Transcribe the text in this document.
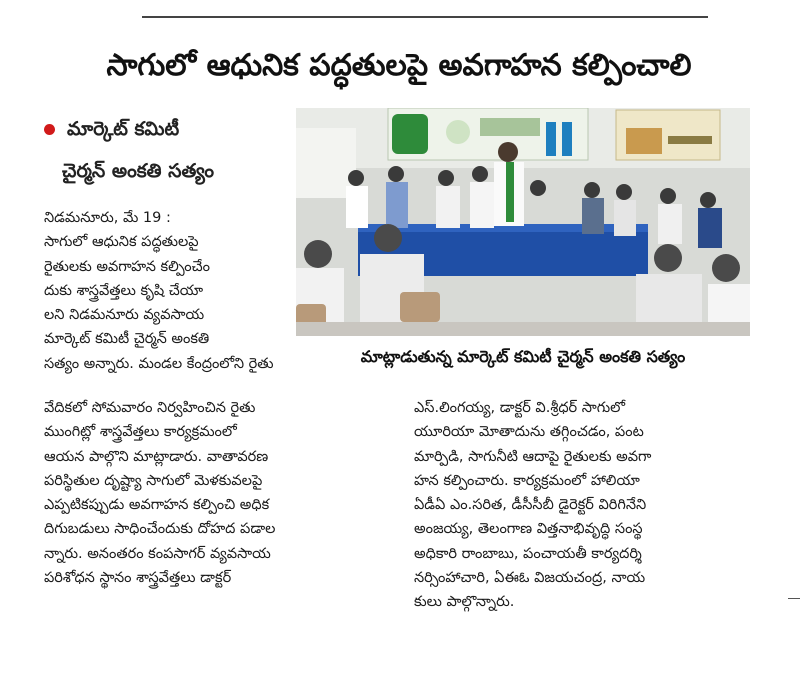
సాగులో ఆధునిక పద్ధతులపై అవగాహన కల్పించాలి
మార్కెట్ కమిటీ
చైర్మన్ అంకతి సత్యం
మాట్లాడుతున్న మార్కెట్ కమిటీ చైర్మన్ అంకతి సత్యం

నిడమనూరు, మే 19 :

సాగులో ఆధునిక పద్ధతులపై

రైతులకు అవగాహన కల్పించేం

దుకు శాస్త్రవేత్తలు కృషి చేయా

లని నిడమనూరు వ్యవసాయ

మార్కెట్ కమిటీ చైర్మన్ అంకతి

సత్యం అన్నారు. మండల కేంద్రంలోని రైతు

వేదికలో సోమవారం నిర్వహించిన రైతు

ముంగిట్లో శాస్త్రవేత్తలు కార్యక్రమంలో

ఆయన పాల్గొని మాట్లాడారు. వాతావరణ

పరిస్థితుల దృష్ట్యా సాగులో మెళకువలపై

ఎప్పటికప్పుడు అవగాహన కల్పించి అధిక

దిగుబడులు సాధించేందుకు దోహద పడాల

న్నారు. అనంతరం కంపసాగర్ వ్యవసాయ

పరిశోధన స్థానం శాస్త్రవేత్తలు డాక్టర్

ఎస్.లింగయ్య, డాక్టర్ వి.శ్రీధర్ సాగులో

యూరియా మోతాదును తగ్గించడం, పంట

మార్పిడి, సాగునీటి ఆదాపై రైతులకు అవగా

హన కల్పించారు. కార్యక్రమంలో హాలియా

ఏడీఏ ఎం.సరిత, డీసీసీబీ డైరెక్టర్ విరిగినేని

అంజయ్య, తెలంగాణ విత్తనాభివృద్ధి సంస్థ

అధికారి రాంబాబు, పంచాయతీ కార్యదర్శి

నర్సింహాచారి, ఏఈఓ విజయచంద్ర, నాయ

కులు పాల్గొన్నారు.
